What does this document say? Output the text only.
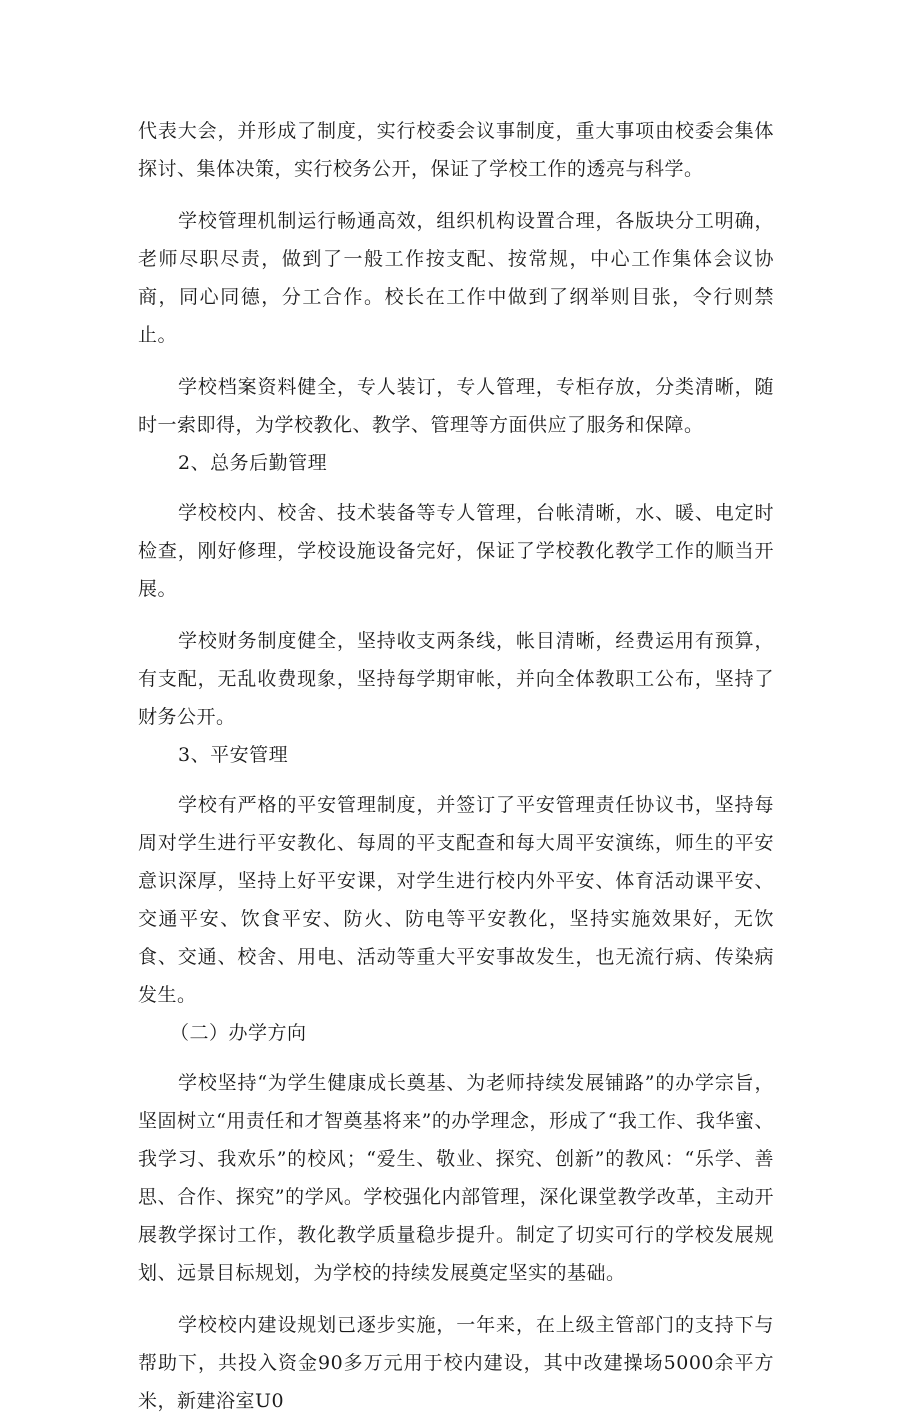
代表大会，并形成了制度，实行校委会议事制度，重大事项由校委会集体探讨、集体决策，实行校务公开，保证了学校工作的透亮与科学。

学校管理机制运行畅通高效，组织机构设置合理，各版块分工明确，老师尽职尽责，做到了一般工作按支配、按常规，中心工作集体会议协商，同心同德，分工合作。校长在工作中做到了纲举则目张，令行则禁止。

学校档案资料健全，专人装订，专人管理，专柜存放，分类清晰，随时一索即得，为学校教化、教学、管理等方面供应了服务和保障。

2、总务后勤管理

学校校内、校舍、技术装备等专人管理，台帐清晰，水、暖、电定时检查，刚好修理，学校设施设备完好，保证了学校教化教学工作的顺当开展。

学校财务制度健全，坚持收支两条线，帐目清晰，经费运用有预算，有支配，无乱收费现象，坚持每学期审帐，并向全体教职工公布，坚持了财务公开。

3、平安管理

学校有严格的平安管理制度，并签订了平安管理责任协议书，坚持每周对学生进行平安教化、每周的平支配查和每大周平安演练，师生的平安意识深厚，坚持上好平安课，对学生进行校内外平安、体育活动课平安、交通平安、饮食平安、防火、防电等平安教化，坚持实施效果好，无饮食、交通、校舍、用电、活动等重大平安事故发生，也无流行病、传染病发生。

（二）办学方向

学校坚持“为学生健康成长奠基、为老师持续发展铺路”的办学宗旨，坚固树立“用责任和才智奠基将来”的办学理念，形成了“我工作、我华蜜、我学习、我欢乐”的校风；“爱生、敬业、探究、创新”的教风：“乐学、善思、合作、探究”的学风。学校强化内部管理，深化课堂教学改革，主动开展教学探讨工作，教化教学质量稳步提升。制定了切实可行的学校发展规划、远景目标规划，为学校的持续发展奠定坚实的基础。

学校校内建设规划已逐步实施，一年来，在上级主管部门的支持下与帮助下，共投入资金90多万元用于校内建设，其中改建操场5000余平方米，新建浴室U0
